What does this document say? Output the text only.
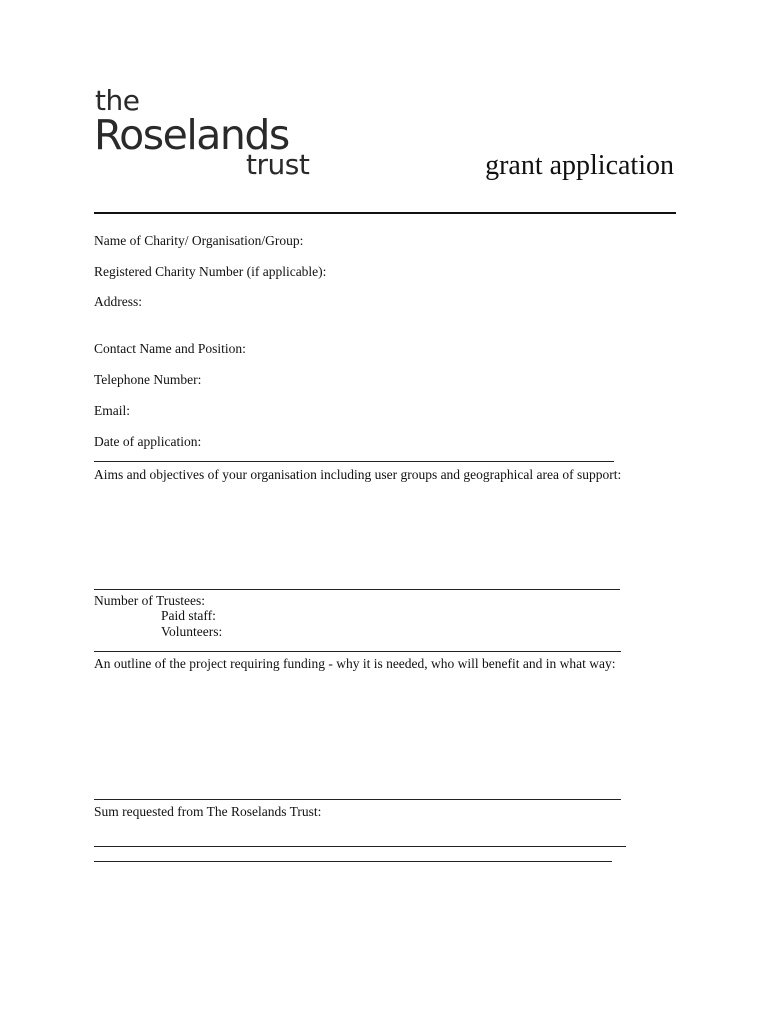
the
Roselands
trust	grant application
Name of Charity/ Organisation/Group:
Registered Charity Number (if applicable):
Address:
Contact Name and Position:
Telephone Number:
Email:
Date of application:
Aims and objectives of your organisation including user groups and geographical area of support:
Number of Trustees:
Paid staff:
Volunteers:
An outline of the project requiring funding - why it is needed, who will benefit and in what way:
Sum requested from The Roselands Trust:
